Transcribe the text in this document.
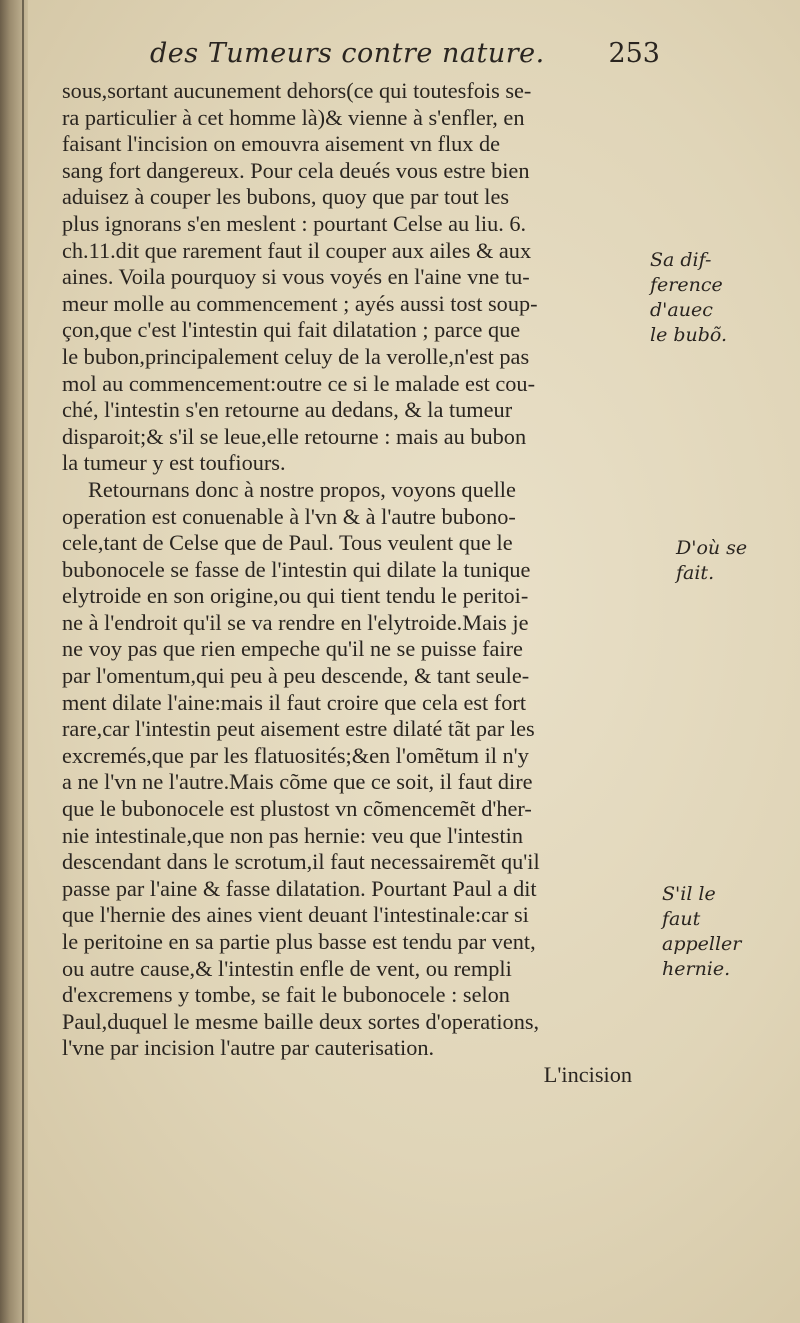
des Tumeurs contre nature. 253
sous,sortant aucunement dehors(ce qui toutesfois se-
ra particulier à cet homme là)& vienne à s'enfler, en
faisant l'incision on emouvra aisement vn flux de
sang fort dangereux. Pour cela deués vous estre bien
aduisez à couper les bubons, quoy que par tout les
plus ignorans s'en meslent : pourtant Celse au liu. 6.
ch.11.dit que rarement faut il couper aux ailes & aux
aines. Voila pourquoy si vous voyés en l'aine vne tu-
meur molle au commencement ; ayés aussi tost soup-
çon,que c'est l'intestin qui fait dilatation ; parce que
le bubon,principalement celuy de la verolle,n'est pas
mol au commencement:outre ce si le malade est cou-
ché, l'intestin s'en retourne au dedans, & la tumeur
disparoit;& s'il se leue,elle retourne : mais au bubon
la tumeur y est toufiours.
Retournans donc à nostre propos, voyons quelle
operation est conuenable à l'vn & à l'autre bubono-
cele,tant de Celse que de Paul. Tous veulent que le
bubonocele se fasse de l'intestin qui dilate la tunique
elytroide en son origine,ou qui tient tendu le peritoi-
ne à l'endroit qu'il se va rendre en l'elytroide.Mais je
ne voy pas que rien empeche qu'il ne se puisse faire
par l'omentum,qui peu à peu descende, & tant seule-
ment dilate l'aine:mais il faut croire que cela est fort
rare,car l'intestin peut aisement estre dilaté tãt par les
excremés,que par les flatuosités;&en l'omẽtum il n'y
a ne l'vn ne l'autre.Mais cõme que ce soit, il faut dire
que le bubonocele est plustost vn cõmencemẽt d'her-
nie intestinale,que non pas hernie: veu que l'intestin
descendant dans le scrotum,il faut necessairemẽt qu'il
passe par l'aine & fasse dilatation. Pourtant Paul a dit
que l'hernie des aines vient deuant l'intestinale:car si
le peritoine en sa partie plus basse est tendu par vent,
ou autre cause,& l'intestin enfle de vent, ou rempli
d'excremens y tombe, se fait le bubonocele : selon
Paul,duquel le mesme baille deux sortes d'operations,
l'vne par incision l'autre par cauterisation.
L'incision
Sa dif-
ference
d'auec
le bubõ.
D'où se
fait.
S'il le
faut
appeller
hernie.
